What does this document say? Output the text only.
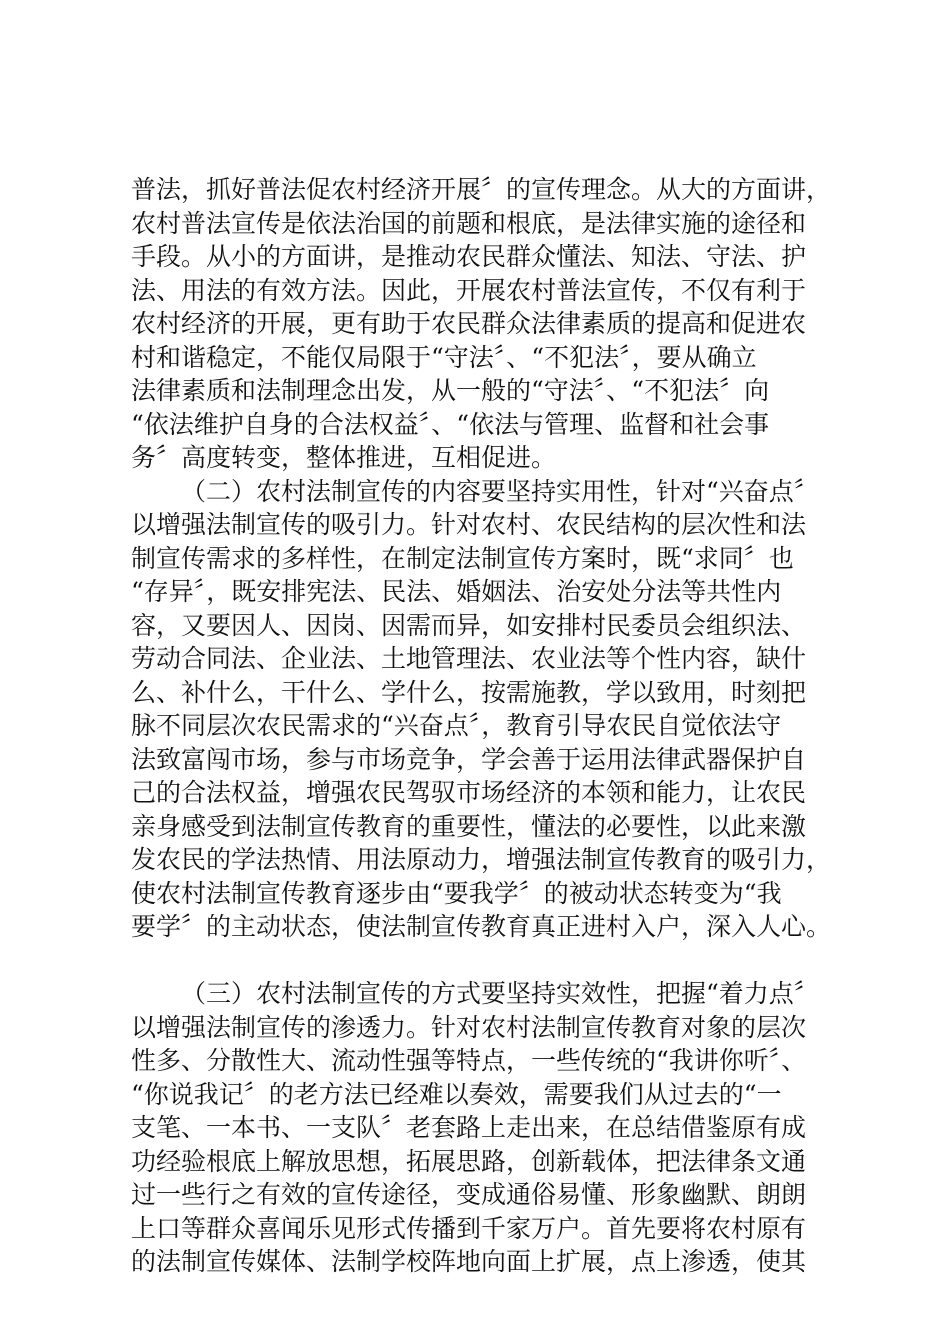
普法，抓好普法促农村经济开展〞的宣传理念。从大的方面讲，
农村普法宣传是依法治国的前题和根底，是法律实施的途径和
手段。从小的方面讲，是推动农民群众懂法、知法、守法、护
法、用法的有效方法。因此，开展农村普法宣传，不仅有利于
农村经济的开展，更有助于农民群众法律素质的提高和促进农
村和谐稳定，不能仅局限于“守法〞、“不犯法〞，要从确立
法律素质和法制理念出发，从一般的“守法〞、“不犯法〞向
“依法维护自身的合法权益〞、“依法与管理、监督和社会事
务〞高度转变，整体推进，互相促进。
（二）农村法制宣传的内容要坚持实用性，针对“兴奋点〞
以增强法制宣传的吸引力。针对农村、农民结构的层次性和法
制宣传需求的多样性，在制定法制宣传方案时，既“求同〞也
“存异〞，既安排宪法、民法、婚姻法、治安处分法等共性内
容，又要因人、因岗、因需而异，如安排村民委员会组织法、
劳动合同法、企业法、土地管理法、农业法等个性内容，缺什
么、补什么，干什么、学什么，按需施教，学以致用，时刻把
脉不同层次农民需求的“兴奋点〞，教育引导农民自觉依法守
法致富闯市场，参与市场竞争，学会善于运用法律武器保护自
己的合法权益，增强农民驾驭市场经济的本领和能力，让农民
亲身感受到法制宣传教育的重要性，懂法的必要性，以此来激
发农民的学法热情、用法原动力，增强法制宣传教育的吸引力，
使农村法制宣传教育逐步由“要我学〞的被动状态转变为“我
要学〞的主动状态，使法制宣传教育真正进村入户，深入人心。
（三）农村法制宣传的方式要坚持实效性，把握“着力点〞
以增强法制宣传的渗透力。针对农村法制宣传教育对象的层次
性多、分散性大、流动性强等特点，一些传统的“我讲你听〞、
“你说我记〞的老方法已经难以奏效，需要我们从过去的“一
支笔、一本书、一支队〞老套路上走出来，在总结借鉴原有成
功经验根底上解放思想，拓展思路，创新载体，把法律条文通
过一些行之有效的宣传途径，变成通俗易懂、形象幽默、朗朗
上口等群众喜闻乐见形式传播到千家万户。首先要将农村原有
的法制宣传媒体、法制学校阵地向面上扩展，点上渗透，使其
